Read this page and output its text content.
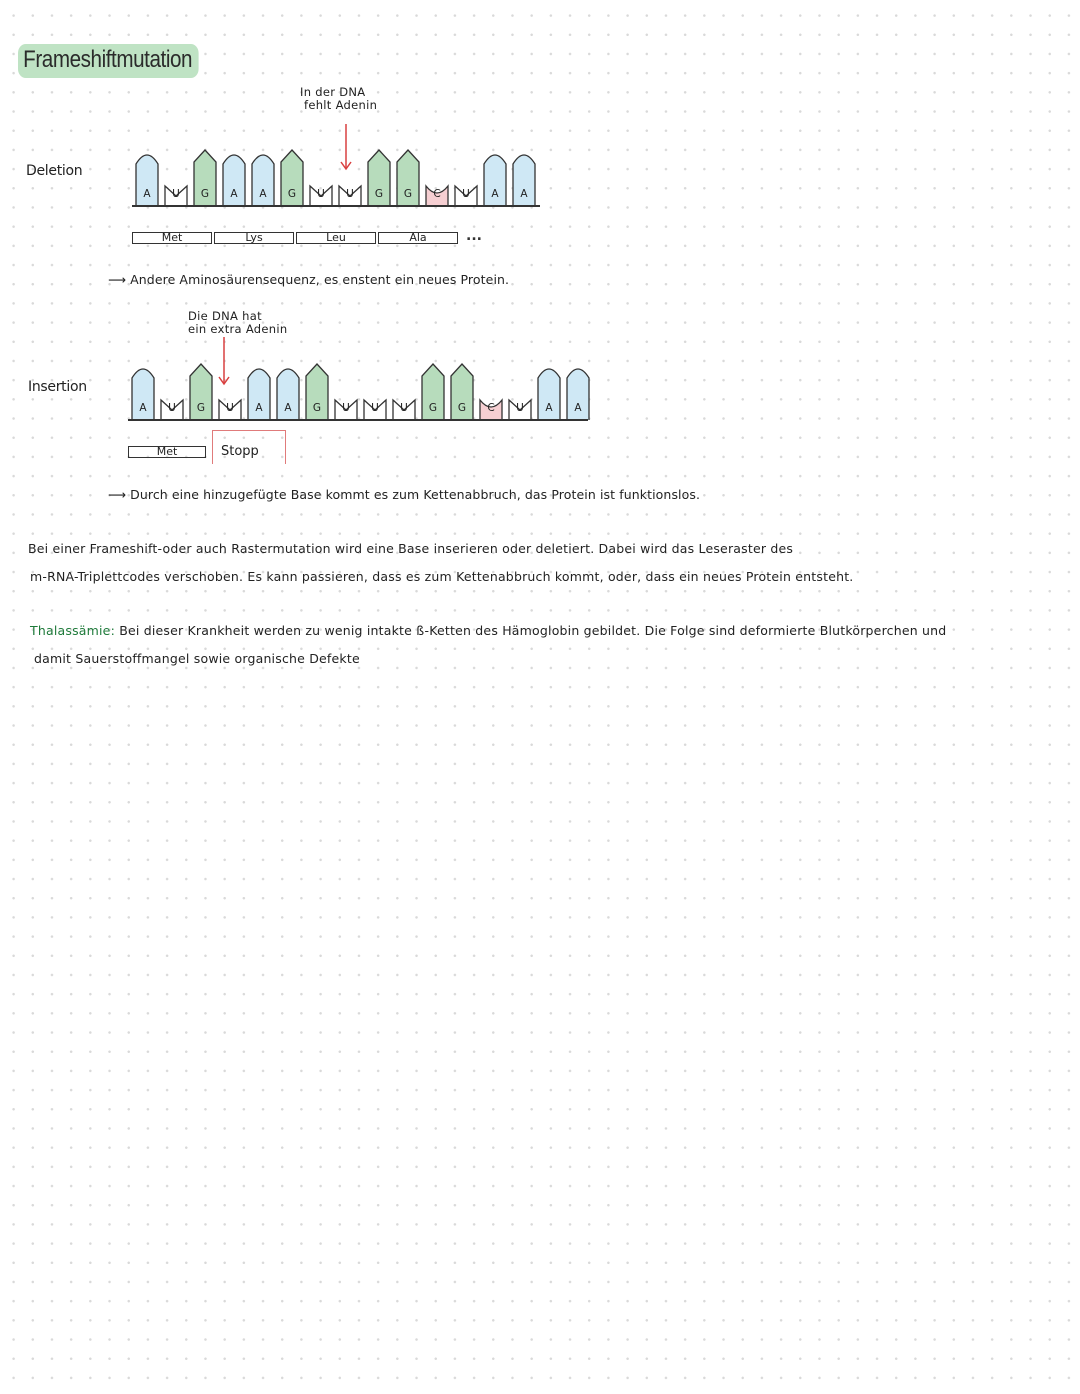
Frameshiftmutation
Deletion
In der DNA
fehlt Adenin
A	U	G	A	A	G	U	U	G	G	C	U	A	A
Met	Lys	Leu	Ala	...
⟶ Andere Aminosäurensequenz, es enstent ein neues Protein.
Insertion
Die DNA hat
ein extra Adenin
A	U	G	U	A	A	G	U	U	U	G	G	C	U	A	A
Met	Stopp
⟶ Durch eine hinzugefügte Base kommt es zum Kettenabbruch, das Protein ist funktionslos.
Bei einer Frameshift-oder auch Rastermutation wird eine Base inserieren oder deletiert. Dabei wird das Leseraster des
m-RNA-Triplettcodes verschoben. Es kann passieren, dass es zum Kettenabbruch kommt, oder, dass ein neues Protein entsteht.
Thalassämie: Bei dieser Krankheit werden zu wenig intakte ß-Ketten des Hämoglobin gebildet. Die Folge sind deformierte Blutkörperchen und
damit Sauerstoffmangel sowie organische Defekte
